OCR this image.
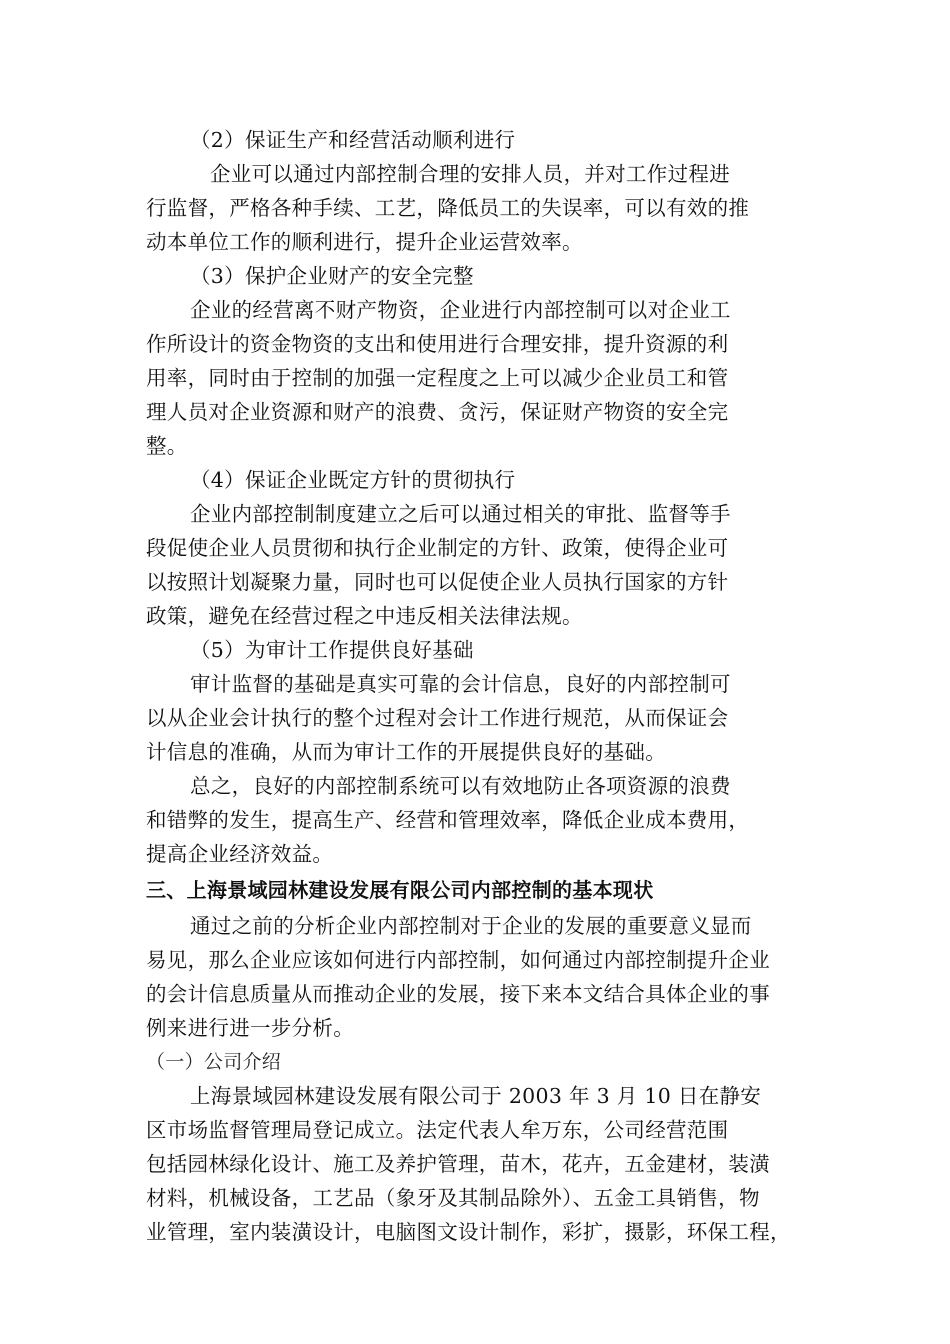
（2）保证生产和经营活动顺利进行
企业可以通过内部控制合理的安排人员，并对工作过程进
行监督，严格各种手续、工艺，降低员工的失误率，可以有效的推
动本单位工作的顺利进行，提升企业运营效率。
（3）保护企业财产的安全完整
企业的经营离不财产物资，企业进行内部控制可以对企业工
作所设计的资金物资的支出和使用进行合理安排，提升资源的利
用率，同时由于控制的加强一定程度之上可以减少企业员工和管
理人员对企业资源和财产的浪费、贪污，保证财产物资的安全完
整。
（4）保证企业既定方针的贯彻执行
企业内部控制制度建立之后可以通过相关的审批、监督等手
段促使企业人员贯彻和执行企业制定的方针、政策，使得企业可
以按照计划凝聚力量，同时也可以促使企业人员执行国家的方针
政策，避免在经营过程之中违反相关法律法规。
（5）为审计工作提供良好基础
审计监督的基础是真实可靠的会计信息，良好的内部控制可
以从企业会计执行的整个过程对会计工作进行规范，从而保证会
计信息的准确，从而为审计工作的开展提供良好的基础。
总之，良好的内部控制系统可以有效地防止各项资源的浪费
和错弊的发生，提高生产、经营和管理效率，降低企业成本费用，
提高企业经济效益。
三、上海景域园林建设发展有限公司内部控制的基本现状
通过之前的分析企业内部控制对于企业的发展的重要意义显而
易见，那么企业应该如何进行内部控制，如何通过内部控制提升企业
的会计信息质量从而推动企业的发展，接下来本文结合具体企业的事
例来进行进一步分析。
（一）公司介绍
上海景域园林建设发展有限公司于 2003 年 3 月 10 日在静安
区市场监督管理局登记成立。法定代表人牟万东，公司经营范围
包括园林绿化设计、施工及养护管理，苗木，花卉，五金建材，装潢
材料，机械设备，工艺品（象牙及其制品除外）、五金工具销售，物
业管理，室内装潢设计，电脑图文设计制作，彩扩，摄影，环保工程，
